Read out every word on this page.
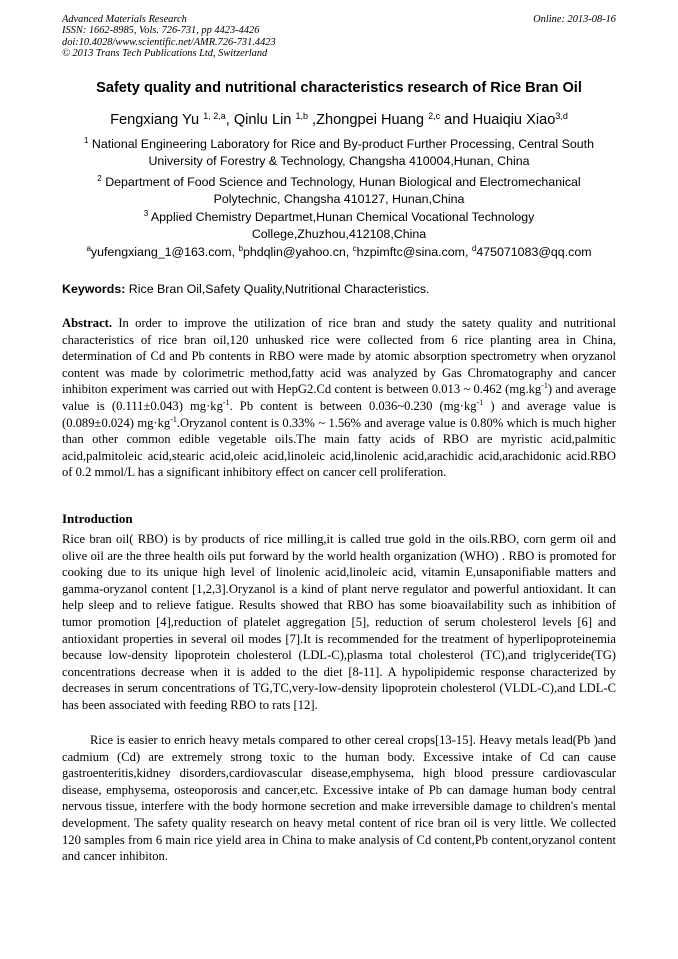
Advanced Materials Research
ISSN: 1662-8985, Vols. 726-731, pp 4423-4426
doi:10.4028/www.scientific.net/AMR.726-731.4423
© 2013 Trans Tech Publications Ltd, Switzerland
Online: 2013-08-16
Safety quality and nutritional characteristics research of Rice Bran Oil
Fengxiang Yu $^{1, 2,a}$, Qinlu Lin $^{1,b}$ ,Zhongpei Huang $^{2,c}$ and Huaiqiu Xiao$^{3,d}$
$^1$ National Engineering Laboratory for Rice and By-product Further Processing, Central South University of Forestry & Technology, Changsha 410004,Hunan, China
$^2$ Department of Food Science and Technology, Hunan Biological and Electromechanical Polytechnic, Changsha 410127, Hunan,China
$^3$ Applied Chemistry Departmet,Hunan Chemical Vocational Technology College,Zhuzhou,412108,China
$^a$yufengxiang_1@163.com, $^b$phdqlin@yahoo.cn, $^c$hzpimftc@sina.com, $^d$475071083@qq.com
Keywords: Rice Bran Oil,Safety Quality,Nutritional Characteristics.
Abstract. In order to improve the utilization of rice bran and study the satety quality and nutritional characteristics of rice bran oil,120 unhusked rice were collected from 6 rice planting area in China, determination of Cd and Pb contents in RBO were made by atomic absorption spectrometry when oryzanol content was made by colorimetric method,fatty acid was analyzed by Gas Chromatography and cancer inhibiton experiment was carried out with HepG2.Cd content is between 0.013 ~ 0.462 $(mg.kg^{-1})$ and average value is (0.111±0.043) $mg\cdot kg^{-1}$. Pb content is between 0.036~0.230 ($mg\cdot kg^{-1}$ ) and average value is (0.089±0.024) $mg\cdot kg^{-1}.Oryzanol$ content is 0.33% ~ 1.56% and average value is 0.80% which is much higher than other common edible vegetable oils.The main fatty acids of RBO are myristic acid,palmitic acid,palmitoleic acid,stearic acid,oleic acid,linoleic acid,linolenic acid,arachidic acid,arachidonic acid.RBO of 0.2 mmol/L has a significant inhibitory effect on cancer cell proliferation.
Introduction
Rice bran oil( RBO) is by products of rice milling,it is called true gold in the oils.RBO, corn germ oil and olive oil are the three health oils put forward by the world health organization (WHO) . RBO is promoted for cooking due to its unique high level of linolenic acid,linoleic acid, vitamin E,unsaponifiable matters and gamma-oryzanol content [1,2,3].Oryzanol is a kind of plant nerve regulator and powerful antioxidant. It can help sleep and to relieve fatigue. Results showed that RBO has some bioavailability such as inhibition of tumor promotion [4],reduction of platelet aggregation [5], reduction of serum cholesterol levels [6] and antioxidant properties in several oil modes [7].It is recommended for the treatment of hyperlipoproteinemia because low-density lipoprotein cholesterol (LDL-C),plasma total cholesterol (TC),and triglyceride(TG) concentrations decrease when it is added to the diet [8-11]. A hypolipidemic response characterized by decreases in serum concentrations of TG,TC,very-low-density lipoprotein cholesterol (VLDL-C),and LDL-C has been associated with feeding RBO to rats [12].
Rice is easier to enrich heavy metals compared to other cereal crops[13-15]. Heavy metals lead(Pb )and cadmium (Cd) are extremely strong toxic to the human body. Excessive intake of Cd can cause gastroenteritis,kidney disorders,cardiovascular disease,emphysema, high blood pressure cardiovascular disease, emphysema, osteoporosis and cancer,etc. Excessive intake of Pb can damage human body central nervous tissue, interfere with the body hormone secretion and make irreversible damage to children's mental development. The safety quality research on heavy metal content of rice bran oil is very little. We collected 120 samples from 6 main rice yield area in China to make analysis of Cd content,Pb content,oryzanol content and cancer inhibiton.
